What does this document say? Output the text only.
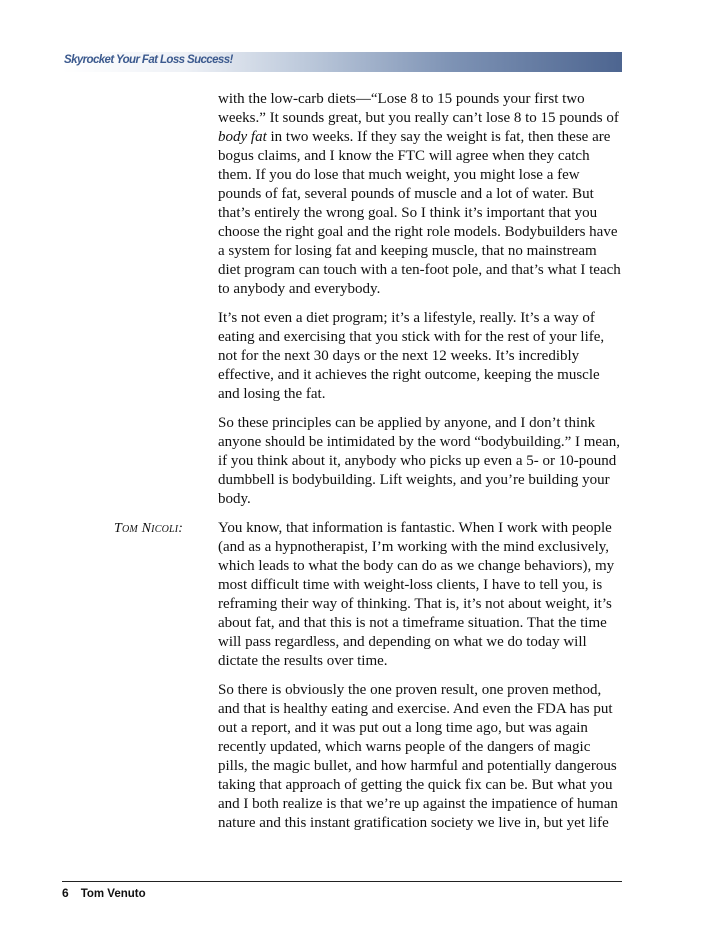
Skyrocket Your Fat Loss Success!

with the low-carb diets—“Lose 8 to 15 pounds your first two weeks.” It sounds great, but you really can’t lose 8 to 15 pounds of body fat in two weeks. If they say the weight is fat, then these are bogus claims, and I know the FTC will agree when they catch them. If you do lose that much weight, you might lose a few pounds of fat, several pounds of muscle and a lot of water. But that’s entirely the wrong goal. So I think it’s important that you choose the right goal and the right role models. Bodybuilders have a system for losing fat and keeping muscle, that no mainstream diet program can touch with a ten-foot pole, and that’s what I teach to anybody and everybody.

It’s not even a diet program; it’s a lifestyle, really. It’s a way of eating and exercising that you stick with for the rest of your life, not for the next 30 days or the next 12 weeks. It’s incredibly effective, and it achieves the right outcome, keeping the muscle and losing the fat.

So these principles can be applied by anyone, and I don’t think anyone should be intimidated by the word “bodybuilding.” I mean, if you think about it, anybody who picks up even a 5- or 10-pound dumbbell is bodybuilding. Lift weights, and you’re building your body.

Tom Nicoli: You know, that information is fantastic. When I work with people (and as a hypnotherapist, I’m working with the mind exclusively, which leads to what the body can do as we change behaviors), my most difficult time with weight-loss clients, I have to tell you, is reframing their way of thinking. That is, it’s not about weight, it’s about fat, and that this is not a timeframe situation. That the time will pass regardless, and depending on what we do today will dictate the results over time.

So there is obviously the one proven result, one proven method, and that is healthy eating and exercise. And even the FDA has put out a report, and it was put out a long time ago, but was again recently updated, which warns people of the dangers of magic pills, the magic bullet, and how harmful and potentially dangerous taking that approach of getting the quick fix can be. But what you and I both realize is that we’re up against the impatience of human nature and this instant gratification society we live in, but yet life

6 Tom Venuto
